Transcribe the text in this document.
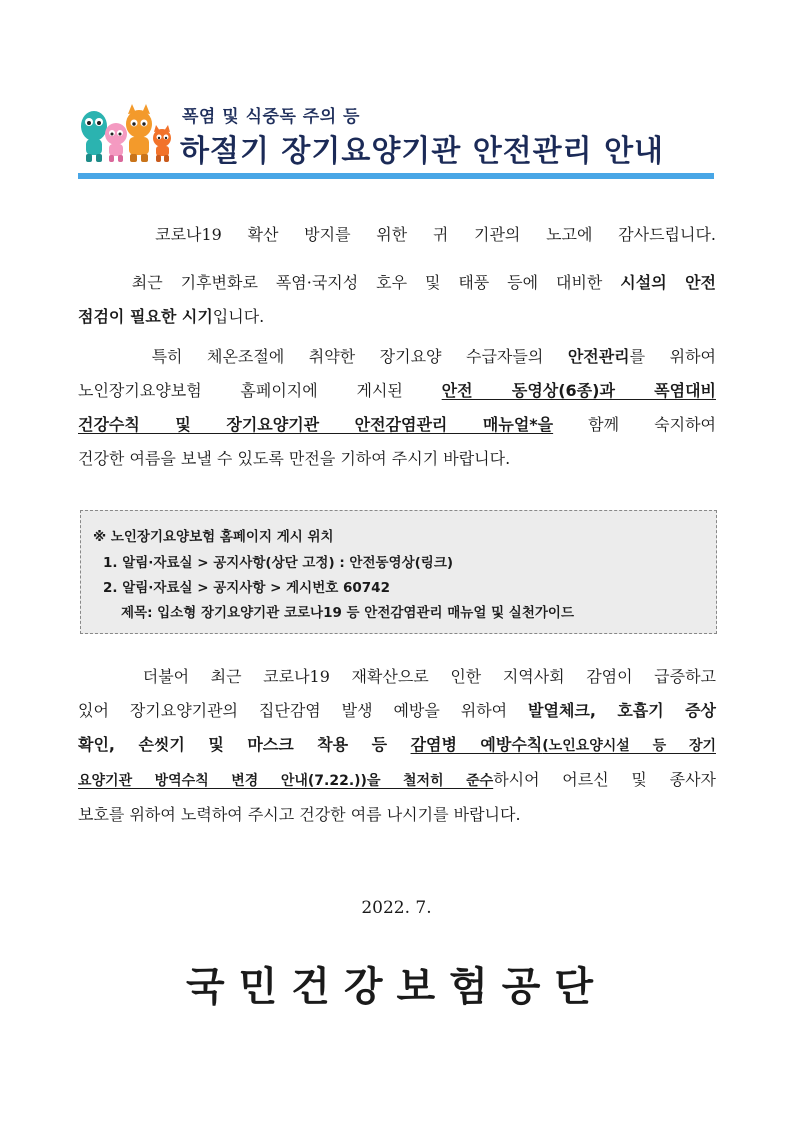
폭염 및 식중독 주의 등
하절기 장기요양기관 안전관리 안내

코로나19 확산 방지를 위한 귀 기관의 노고에 감사드립니다.

최근 기후변화로 폭염·국지성 호우 및 태풍 등에 대비한 시설의 안전
점검이 필요한 시기입니다.

특히 체온조절에 취약한 장기요양 수급자들의 안전관리를 위하여
노인장기요양보험 홈페이지에 게시된 안전 동영상(6종)과 폭염대비
건강수칙 및 장기요양기관 안전감염관리 매뉴얼*을 함께 숙지하여
건강한 여름을 보낼 수 있도록 만전을 기하여 주시기 바랍니다.

※ 노인장기요양보험 홈페이지 게시 위치
1. 알림·자료실 > 공지사항(상단 고정) : 안전동영상(링크)
2. 알림·자료실 > 공지사항 > 게시번호 60742
제목: 입소형 장기요양기관 코로나19 등 안전감염관리 매뉴얼 및 실천가이드

더불어 최근 코로나19 재확산으로 인한 지역사회 감염이 급증하고
있어 장기요양기관의 집단감염 발생 예방을 위하여 발열체크, 호흡기 증상
확인, 손씻기 및 마스크 착용 등 감염병 예방수칙(노인요양시설 등 장기
요양기관 방역수칙 변경 안내(7.22.))을 철저히 준수하시어 어르신 및 종사자
보호를 위하여 노력하여 주시고 건강한 여름 나시기를 바랍니다.

2022. 7.
국민건강보험공단
